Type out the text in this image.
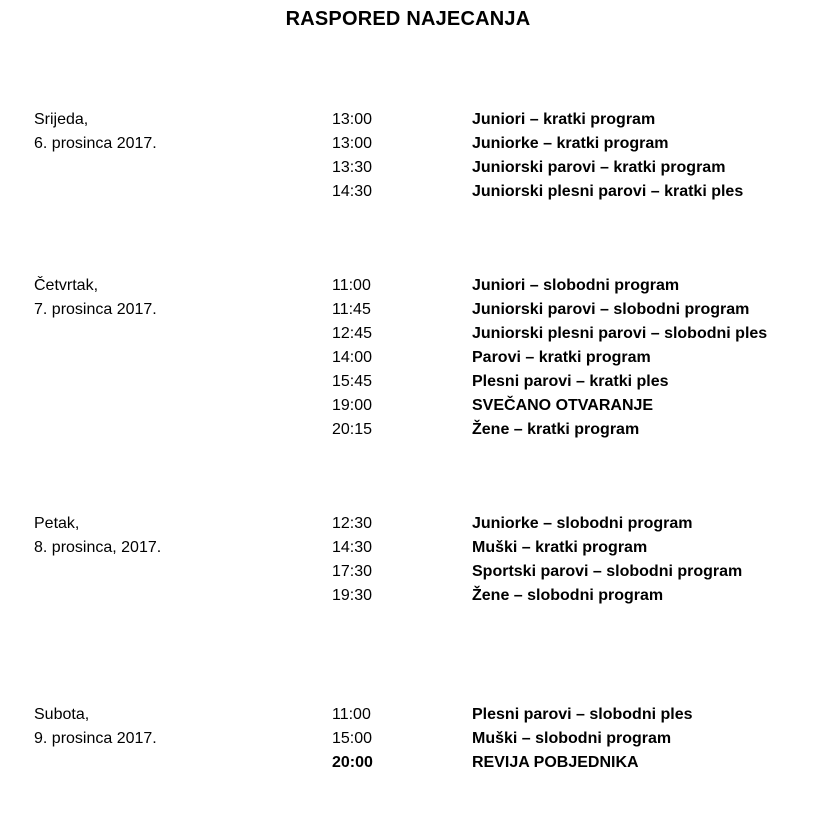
RASPORED NAJECANJA
Srijeda,
6. prosinca 2017.
13:00	Juniori – kratki program
13:00	Juniorke – kratki program
13:30	Juniorski parovi – kratki program
14:30	Juniorski plesni parovi – kratki ples
Četvrtak,
7. prosinca 2017.
11:00	Juniori – slobodni program
11:45	Juniorski parovi – slobodni program
12:45	Juniorski plesni parovi – slobodni ples
14:00	Parovi – kratki program
15:45	Plesni parovi – kratki ples
19:00	SVEČANO OTVARANJE
20:15	Žene – kratki program
Petak,
8. prosinca, 2017.
12:30	Juniorke – slobodni program
14:30	Muški – kratki program
17:30	Sportski parovi – slobodni program
19:30	Žene – slobodni program
Subota,
9. prosinca 2017.
11:00	Plesni parovi – slobodni ples
15:00	Muški – slobodni program
20:00	REVIJA POBJEDNIKA
